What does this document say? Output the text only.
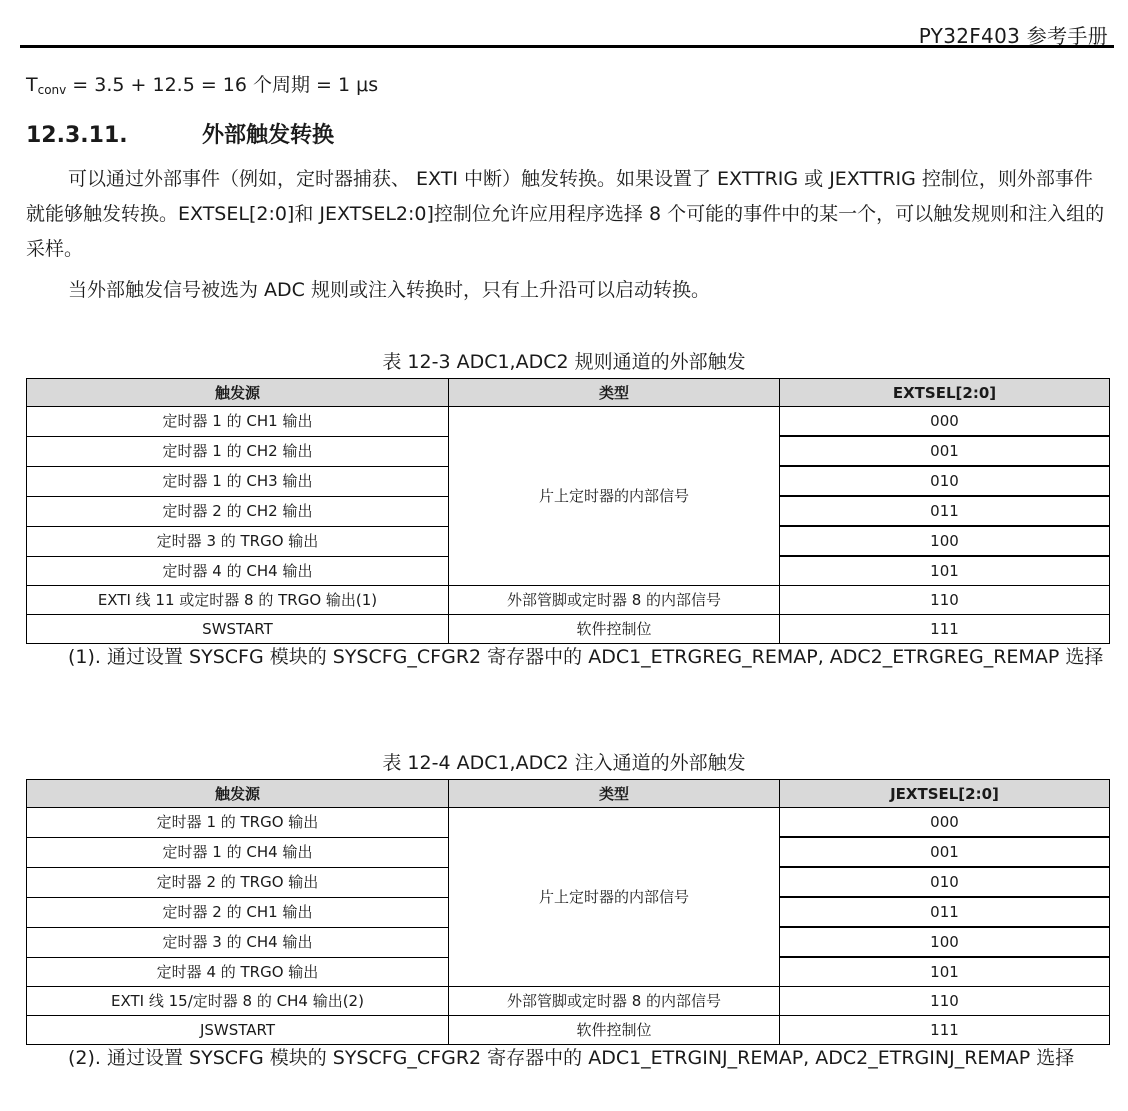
PY32F403 参考手册
$T_{conv} = 3.5 + 12.5 = 16$ 个周期 = 1 μs
12.3.11.	外部触发转换

可以通过外部事件（例如，定时器捕获、 EXTI 中断）触发转换。如果设置了 EXTTRIG 或 JEXTTRIG 控制位，则外部事件就能够触发转换。EXTSEL[2:0]和 JEXTSEL2:0]控制位允许应用程序选择 8 个可能的事件中的某一个，可以触发规则和注入组的采样。

当外部触发信号被选为 ADC 规则或注入转换时，只有上升沿可以启动转换。

表 12-3 ADC1,ADC2 规则通道的外部触发
触发源	类型	EXTSEL[2:0]
定时器 1 的 CH1 输出	片上定时器的内部信号	000
定时器 1 的 CH2 输出		001
定时器 1 的 CH3 输出		010
定时器 2 的 CH2 输出		011
定时器 3 的 TRGO 输出		100
定时器 4 的 CH4 输出		101
EXTI 线 11 或定时器 8 的 TRGO 输出(1)	外部管脚或定时器 8 的内部信号	110
SWSTART	软件控制位	111

(1). 通过设置 SYSCFG 模块的 SYSCFG_CFGR2 寄存器中的 ADC1_ETRGREG_REMAP, ADC2_ETRGREG_REMAP 选择

表 12-4 ADC1,ADC2 注入通道的外部触发
触发源	类型	JEXTSEL[2:0]
定时器 1 的 TRGO 输出	片上定时器的内部信号	000
定时器 1 的 CH4 输出		001
定时器 2 的 TRGO 输出		010
定时器 2 的 CH1 输出		011
定时器 3 的 CH4 输出		100
定时器 4 的 TRGO 输出		101
EXTI 线 15/定时器 8 的 CH4 输出(2)	外部管脚或定时器 8 的内部信号	110
JSWSTART	软件控制位	111

(2). 通过设置 SYSCFG 模块的 SYSCFG_CFGR2 寄存器中的 ADC1_ETRGINJ_REMAP, ADC2_ETRGINJ_REMAP 选择
